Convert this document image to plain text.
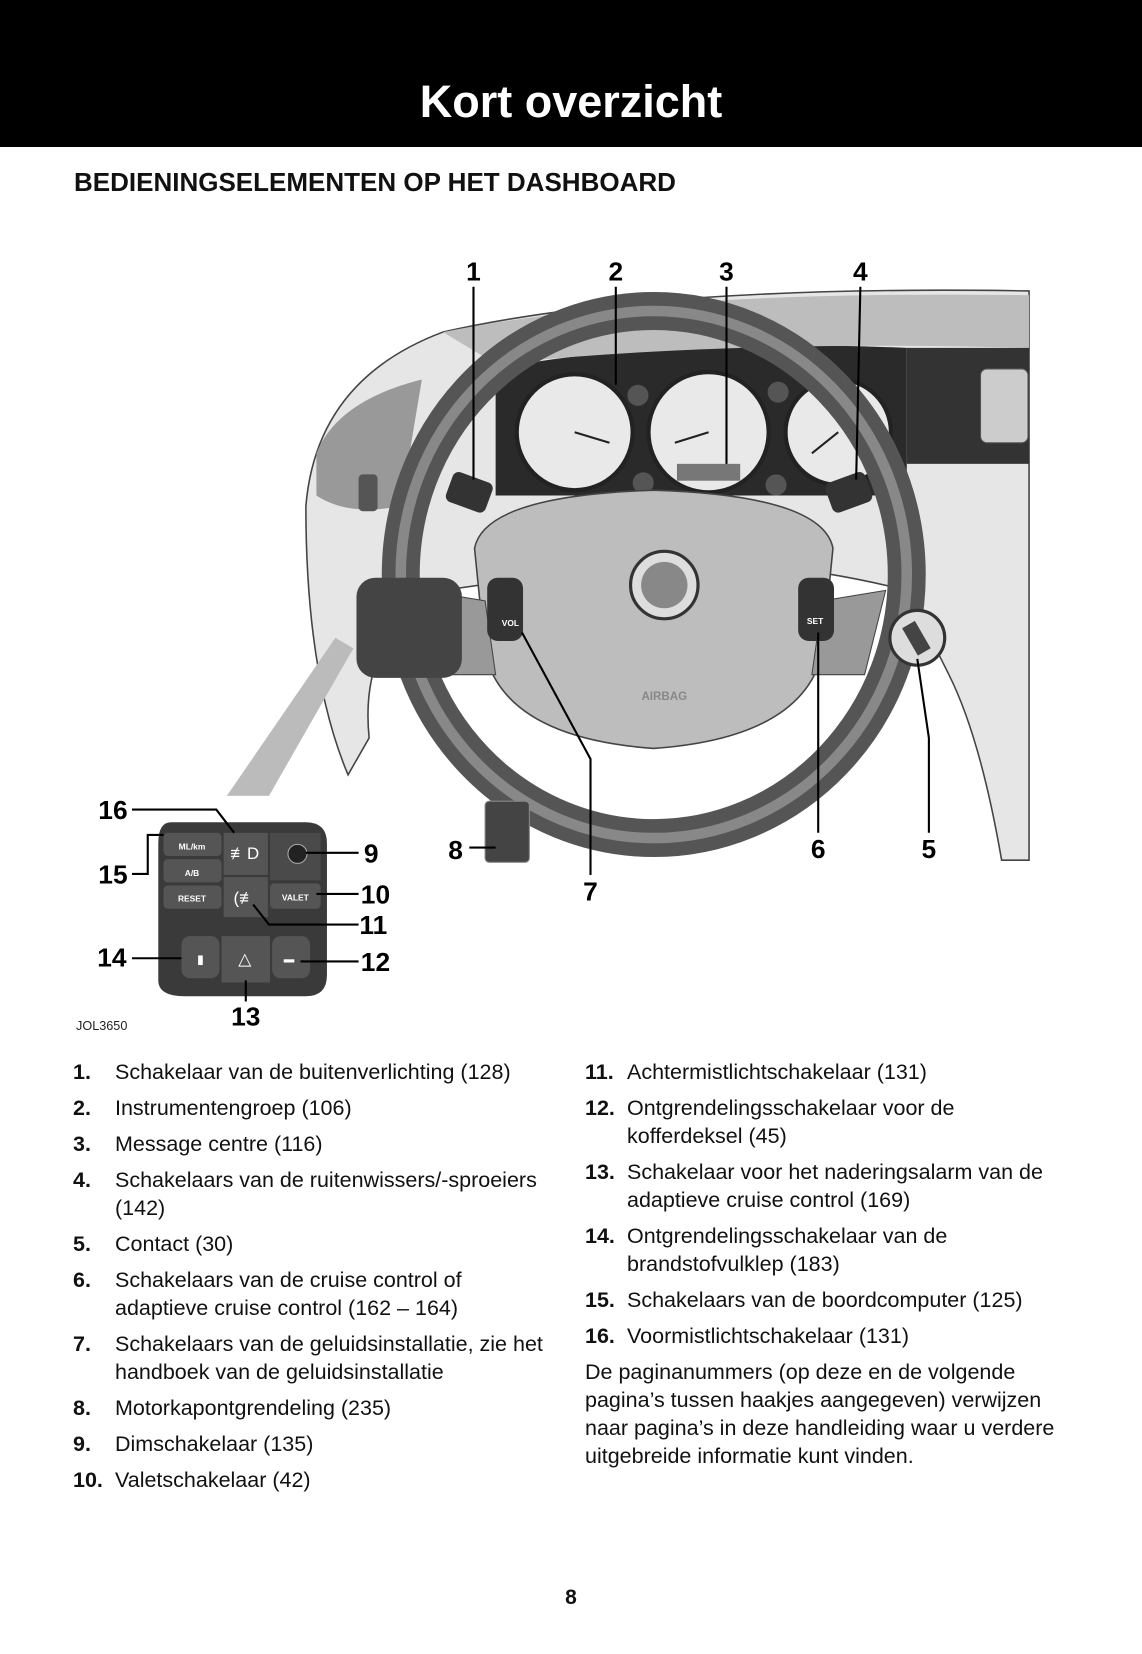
Kort overzicht
BEDIENINGSELEMENTEN OP HET DASHBOARD
AIRBAG
VOL	SET
ML/km
A/B
RESET
≢D
(≢	VALET
▮ △	▬
1	2	3	4
5
6
7
8
9
10
11
12
13
14
15
16
JOL3650
1.	Schakelaar van de buitenverlichting (128)
2.	Instrumentengroep (106)
3.	Message centre (116)
4.	Schakelaars van de ruitenwissers/-sproeiers (142)
5.	Contact (30)
6.	Schakelaars van de cruise control of adaptieve cruise control (162 – 164)
7.	Schakelaars van de geluidsinstallatie, zie het handboek van de geluidsinstallatie
8.	Motorkapontgrendeling (235)
9.	Dimschakelaar (135)
10. Valetschakelaar (42)
11. Achtermistlichtschakelaar (131)
12. Ontgrendelingsschakelaar voor de kofferdeksel (45)
13. Schakelaar voor het naderingsalarm van de adaptieve cruise control (169)
14. Ontgrendelingsschakelaar van de brandstofvulklep (183)
15. Schakelaars van de boordcomputer (125)
16. Voormistlichtschakelaar (131)
De paginanummers (op deze en de volgende pagina’s tussen haakjes aangegeven) verwijzen naar pagina’s in deze handleiding waar u verdere uitgebreide informatie kunt vinden.
8
